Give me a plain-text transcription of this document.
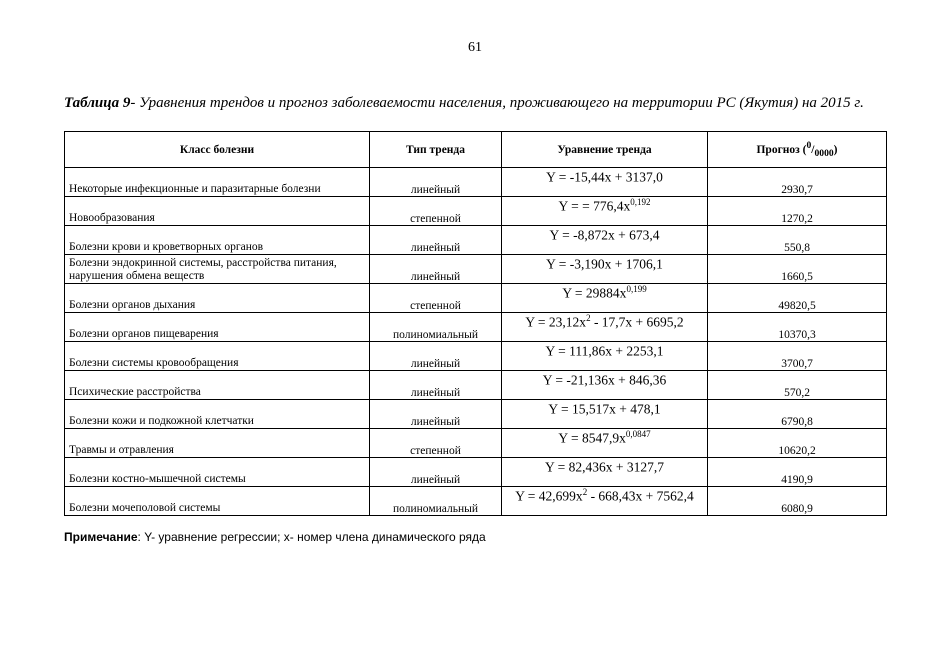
61
Таблица 9- Уравнения трендов и прогноз заболеваемости населения, проживающего на территории РС (Якутия) на 2015 г.
Класс болезни	Тип тренда	Уравнение тренда	Прогноз $(^0/_{0000})$
Некоторые инфекционные и паразитарные болезни	линейный	Y = -15,44x + 3137,0	2930,7
Новообразования	степенной	Y = = $776,4x^{0,192}$	1270,2
Болезни крови и кроветворных органов	линейный	Y = -8,872x + 673,4	550,8
Болезни эндокринной системы, расстройства питания, нарушения обмена веществ	линейный	Y = -3,190x + 1706,1	1660,5
Болезни органов дыхания	степенной	$Y = 29884x^{0,199}$	49820,5
Болезни органов пищеварения	полиномиальный	$Y = 23,12x^2 - 17,7x + 6695,2$	10370,3
Болезни системы кровообращения	линейный	Y = 111,86x + 2253,1	3700,7
Психические расстройства	линейный	Y = -21,136x + 846,36	570,2
Болезни кожи и подкожной клетчатки	линейный	Y = 15,517x + 478,1	6790,8
Травмы и отравления	степенной	$Y = 8547,9x^{0,0847}$	10620,2
Болезни костно-мышечной системы	линейный	Y = 82,436x + 3127,7	4190,9
Болезни мочеполовой системы	полиномиальный	$Y = 42,699x^2 - 668,43x + 7562,4$	6080,9
Примечание: Y- уравнение регрессии; x- номер члена динамического ряда
